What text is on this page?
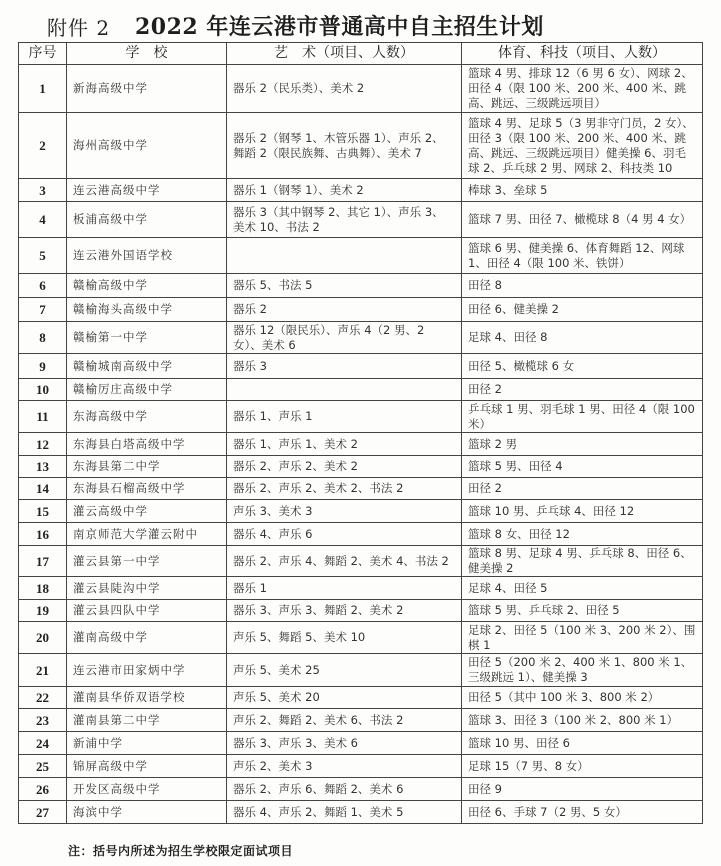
附件 2 2022 年连云港市普通高中自主招生计划
序号	学　校	艺　术（项目、人数）	体育、科技（项目、人数）
1	新海高级中学	器乐 2（民乐类）、美术 2	篮球 4 男、排球 12（6 男 6 女）、网球 2、田径 4（限 100 米、200 米、400 米、跳高、跳远、三级跳远项目）
2	海州高级中学	器乐 2（钢琴 1、木管乐器 1）、声乐 2、舞蹈 2（限民族舞、古典舞）、美术 7	篮球 4 男、足球 5（3 男非守门员，2 女）、田径 3（限 100 米、200 米、400 米、跳高、跳远、三级跳远项目）健美操 6、羽毛球 2、乒乓球 2 男、网球 2、科技类 10
3	连云港高级中学	器乐 1（钢琴 1）、美术 2	棒球 3、垒球 5
4	板浦高级中学	器乐 3（其中钢琴 2、其它 1）、声乐 3、美术 10、书法 2	篮球 7 男、田径 7、橄榄球 8（4 男 4 女）
5	连云港外国语学校		篮球 6 男、健美操 6、体育舞蹈 12、网球 1、田径 4（限 100 米、铁饼）
6	赣榆高级中学	器乐 5、书法 5	田径 8
7	赣榆海头高级中学	器乐 2	田径 6、健美操 2
8	赣榆第一中学	器乐 12（限民乐）、声乐 4（2 男、2 女）、美术 6	足球 4、田径 8
9	赣榆城南高级中学	器乐 3	田径 5、橄榄球 6 女
10	赣榆厉庄高级中学		田径 2
11	东海高级中学	器乐 1、声乐 1	乒乓球 1 男、羽毛球 1 男、田径 4（限 100 米）
12	东海县白塔高级中学	器乐 1、声乐 1、美术 2	篮球 2 男
13	东海县第二中学	器乐 2、声乐 2、美术 2	篮球 5 男、田径 4
14	东海县石榴高级中学	器乐 2、声乐 2、美术 2、书法 2	田径 2
15	灌云高级中学	声乐 3、美术 3	篮球 10 男、乒乓球 4、田径 12
16	南京师范大学灌云附中	器乐 4、声乐 6	篮球 8 女、田径 12
17	灌云县第一中学	器乐 2、声乐 4、舞蹈 2、美术 4、书法 2	篮球 8 男、足球 4 男、乒乓球 8、田径 6、健美操 2
18	灌云县陡沟中学	器乐 1	足球 4、田径 5
19	灌云县四队中学	器乐 3、声乐 3、舞蹈 2、美术 2	篮球 5 男、乒乓球 2、田径 5
20	灌南高级中学	声乐 5、舞蹈 5、美术 10	足球 2、田径 5（100 米 3、200 米 2）、围棋 1
21	连云港市田家炳中学	声乐 5、美术 25	田径 5（200 米 2、400 米 1、800 米 1、三级跳远 1）、健美操 3
22	灌南县华侨双语学校	声乐 5、美术 20	田径 5（其中 100 米 3、800 米 2）
23	灌南县第二中学	声乐 2、舞蹈 2、美术 6、书法 2	篮球 3、田径 3（100 米 2、800 米 1）
24	新浦中学	器乐 3、声乐 3、美术 6	篮球 10 男、田径 6
25	锦屏高级中学	声乐 2、美术 3	足球 15（7 男、8 女）
26	开发区高级中学	器乐 2、声乐 6、舞蹈 2、美术 6	田径 9
27	海滨中学	器乐 4、声乐 2、舞蹈 1、美术 5	田径 6、手球 7（2 男、5 女）
注：括号内所述为招生学校限定面试项目
